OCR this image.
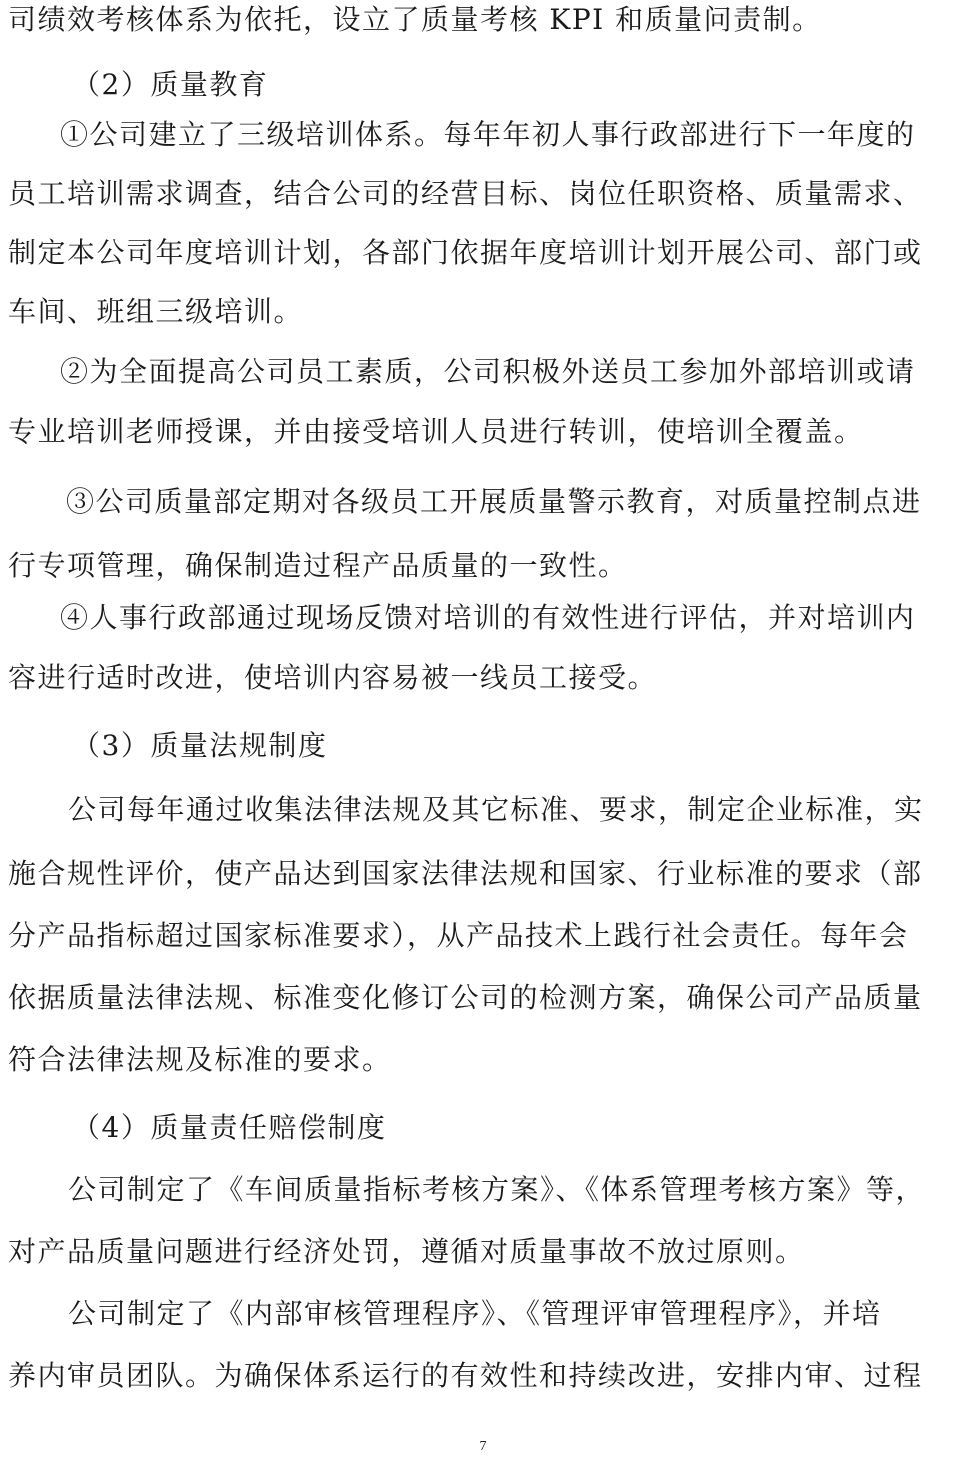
司绩效考核体系为依托，设立了质量考核 KPI 和质量问责制。
（2）质量教育
①公司建立了三级培训体系。每年年初人事行政部进行下一年度的
员工培训需求调查，结合公司的经营目标、岗位任职资格、质量需求、
制定本公司年度培训计划，各部门依据年度培训计划开展公司、部门或
车间、班组三级培训。
②为全面提高公司员工素质，公司积极外送员工参加外部培训或请
专业培训老师授课，并由接受培训人员进行转训，使培训全覆盖。
③公司质量部定期对各级员工开展质量警示教育，对质量控制点进
行专项管理，确保制造过程产品质量的一致性。
④人事行政部通过现场反馈对培训的有效性进行评估，并对培训内
容进行适时改进，使培训内容易被一线员工接受。
（3）质量法规制度
公司每年通过收集法律法规及其它标准、要求，制定企业标准，实
施合规性评价，使产品达到国家法律法规和国家、行业标准的要求（部
分产品指标超过国家标准要求），从产品技术上践行社会责任。每年会
依据质量法律法规、标准变化修订公司的检测方案，确保公司产品质量
符合法律法规及标准的要求。
（4）质量责任赔偿制度
公司制定了《车间质量指标考核方案》、《体系管理考核方案》等，
对产品质量问题进行经济处罚，遵循对质量事故不放过原则。
公司制定了《内部审核管理程序》、《管理评审管理程序》，并培
养内审员团队。为确保体系运行的有效性和持续改进，安排内审、过程
7
